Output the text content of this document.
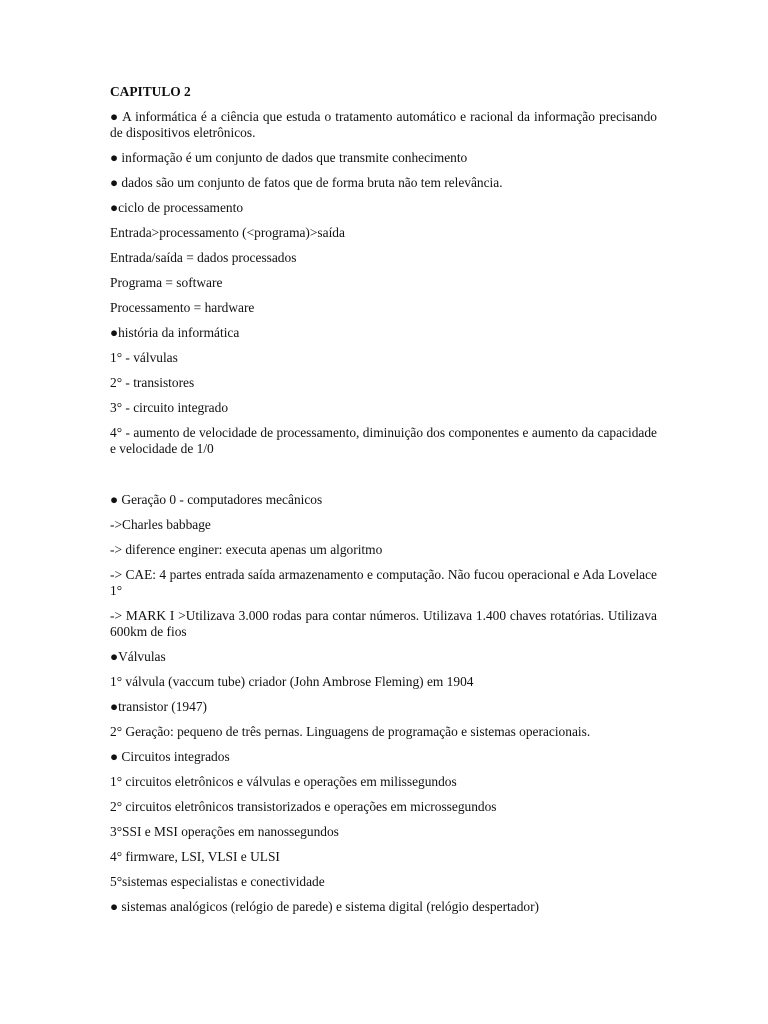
CAPITULO 2
● A informática é a ciência que estuda o tratamento automático e racional da informação precisando de dispositivos eletrônicos.
● informação é um conjunto de dados que transmite conhecimento
● dados são um conjunto de fatos que de forma bruta não tem relevância.
●ciclo de processamento
Entrada>processamento (<programa)>saída
Entrada/saída = dados processados
Programa = software
Processamento = hardware
●história da informática
1° - válvulas
2° - transistores
3° - circuito integrado
4° - aumento de velocidade de processamento, diminuição dos componentes e aumento da capacidade e velocidade de 1/0
● Geração 0 - computadores mecânicos
->Charles babbage
-> diference enginer: executa apenas um algoritmo
-> CAE: 4 partes entrada saída armazenamento e computação. Não fucou operacional e Ada Lovelace 1°
-> MARK I >Utilizava 3.000 rodas para contar números. Utilizava 1.400 chaves rotatórias. Utilizava 600km de fios
●Válvulas
1° válvula (vaccum tube) criador (John Ambrose Fleming) em 1904
●transistor (1947)
2° Geração: pequeno de três pernas. Linguagens de programação e sistemas operacionais.
● Circuitos integrados
1° circuitos eletrônicos e válvulas e operações em milissegundos
2° circuitos eletrônicos transistorizados e operações em microssegundos
3°SSI e MSI operações em nanossegundos
4° firmware, LSI, VLSI e ULSI
5°sistemas especialistas e conectividade
● sistemas analógicos (relógio de parede) e sistema digital (relógio despertador)
